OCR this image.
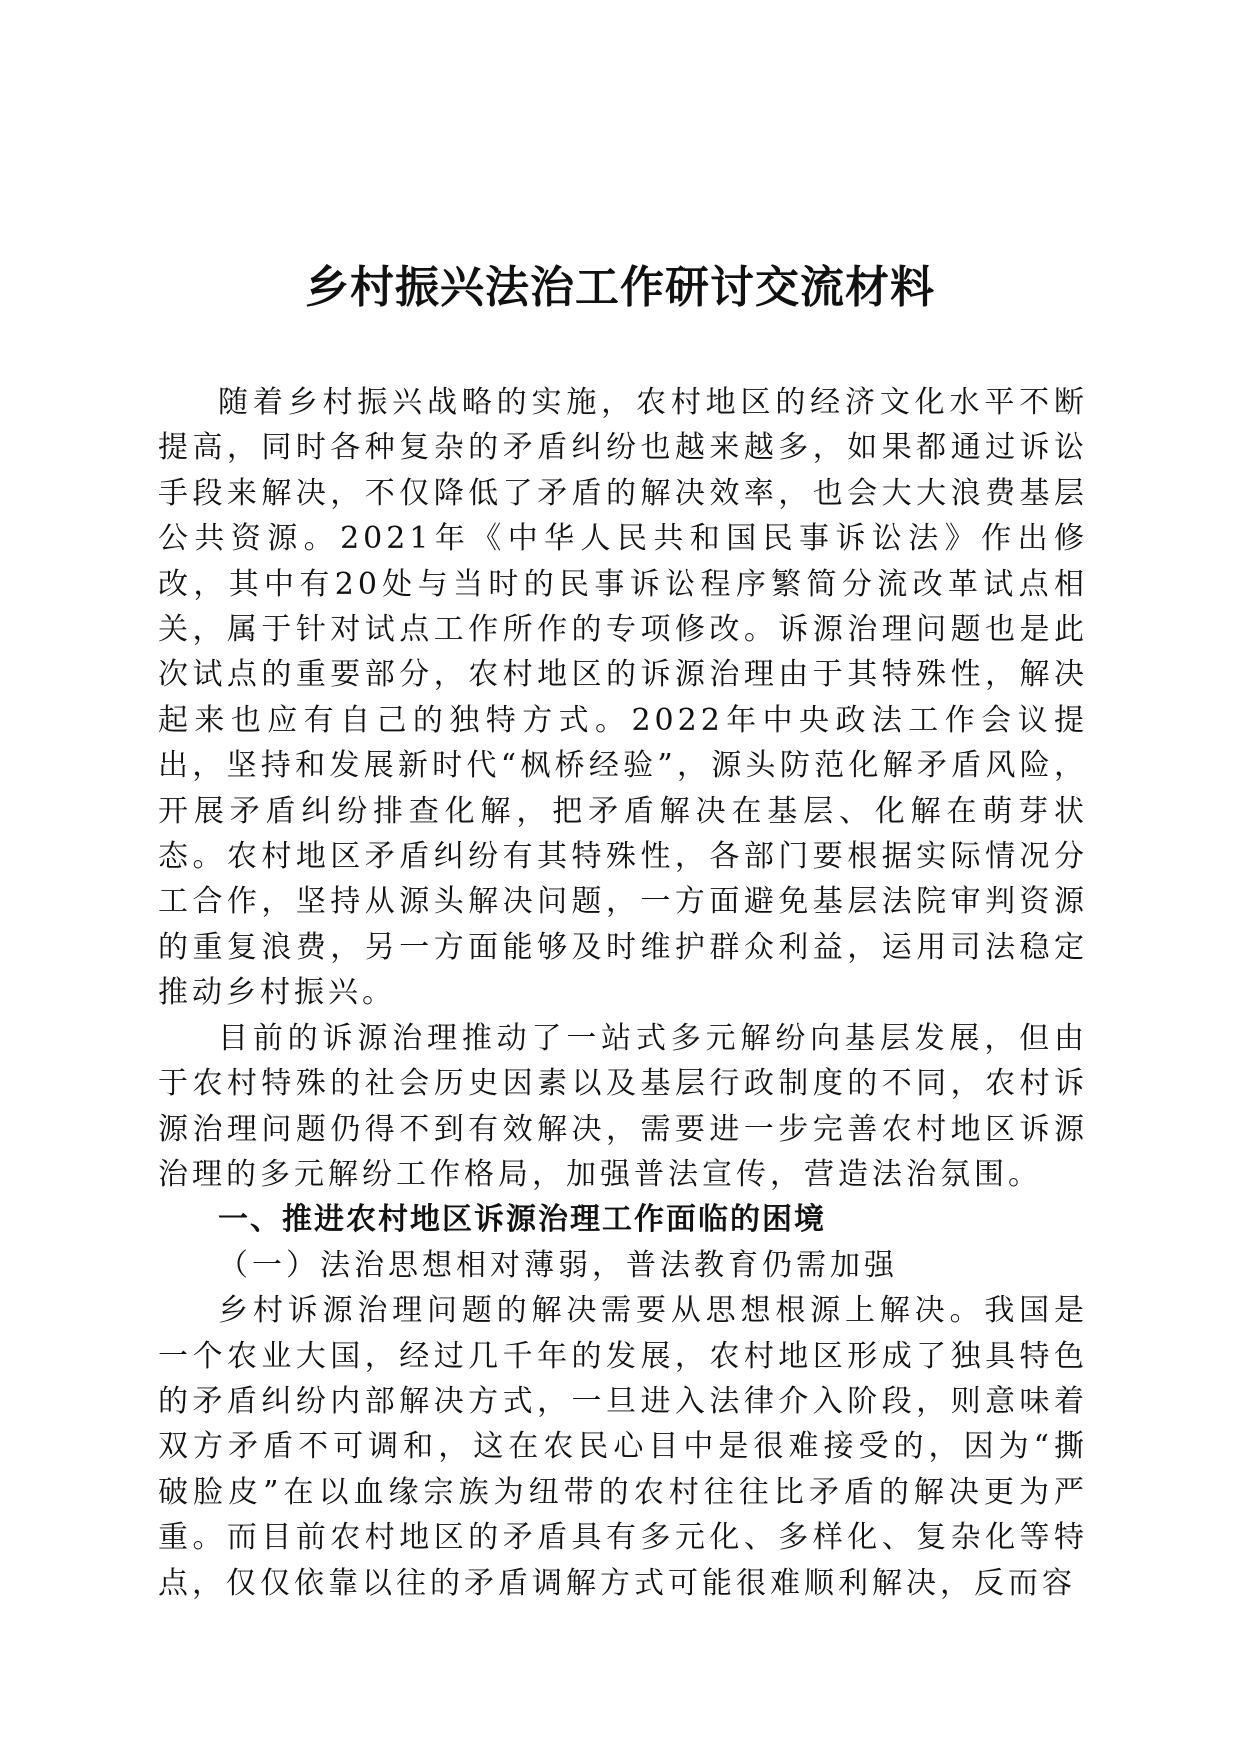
乡村振兴法治工作研讨交流材料

随着乡村振兴战略的实施，农村地区的经济文化水平不断提高，同时各种复杂的矛盾纠纷也越来越多，如果都通过诉讼手段来解决，不仅降低了矛盾的解决效率，也会大大浪费基层公共资源。2021年《中华人民共和国民事诉讼法》作出修改，其中有20处与当时的民事诉讼程序繁简分流改革试点相关，属于针对试点工作所作的专项修改。诉源治理问题也是此次试点的重要部分，农村地区的诉源治理由于其特殊性，解决起来也应有自己的独特方式。2022年中央政法工作会议提出，坚持和发展新时代“枫桥经验”，源头防范化解矛盾风险，开展矛盾纠纷排查化解，把矛盾解决在基层、化解在萌芽状态。农村地区矛盾纠纷有其特殊性，各部门要根据实际情况分工合作，坚持从源头解决问题，一方面避免基层法院审判资源的重复浪费，另一方面能够及时维护群众利益，运用司法稳定推动乡村振兴。

目前的诉源治理推动了一站式多元解纷向基层发展，但由于农村特殊的社会历史因素以及基层行政制度的不同，农村诉源治理问题仍得不到有效解决，需要进一步完善农村地区诉源治理的多元解纷工作格局，加强普法宣传，营造法治氛围。

一、推进农村地区诉源治理工作面临的困境

（一）法治思想相对薄弱，普法教育仍需加强

乡村诉源治理问题的解决需要从思想根源上解决。我国是一个农业大国，经过几千年的发展，农村地区形成了独具特色的矛盾纠纷内部解决方式，一旦进入法律介入阶段，则意味着双方矛盾不可调和，这在农民心目中是很难接受的，因为“撕破脸皮”在以血缘宗族为纽带的农村往往比矛盾的解决更为严重。而目前农村地区的矛盾具有多元化、多样化、复杂化等特点，仅仅依靠以往的矛盾调解方式可能很难顺利解决，反而容
